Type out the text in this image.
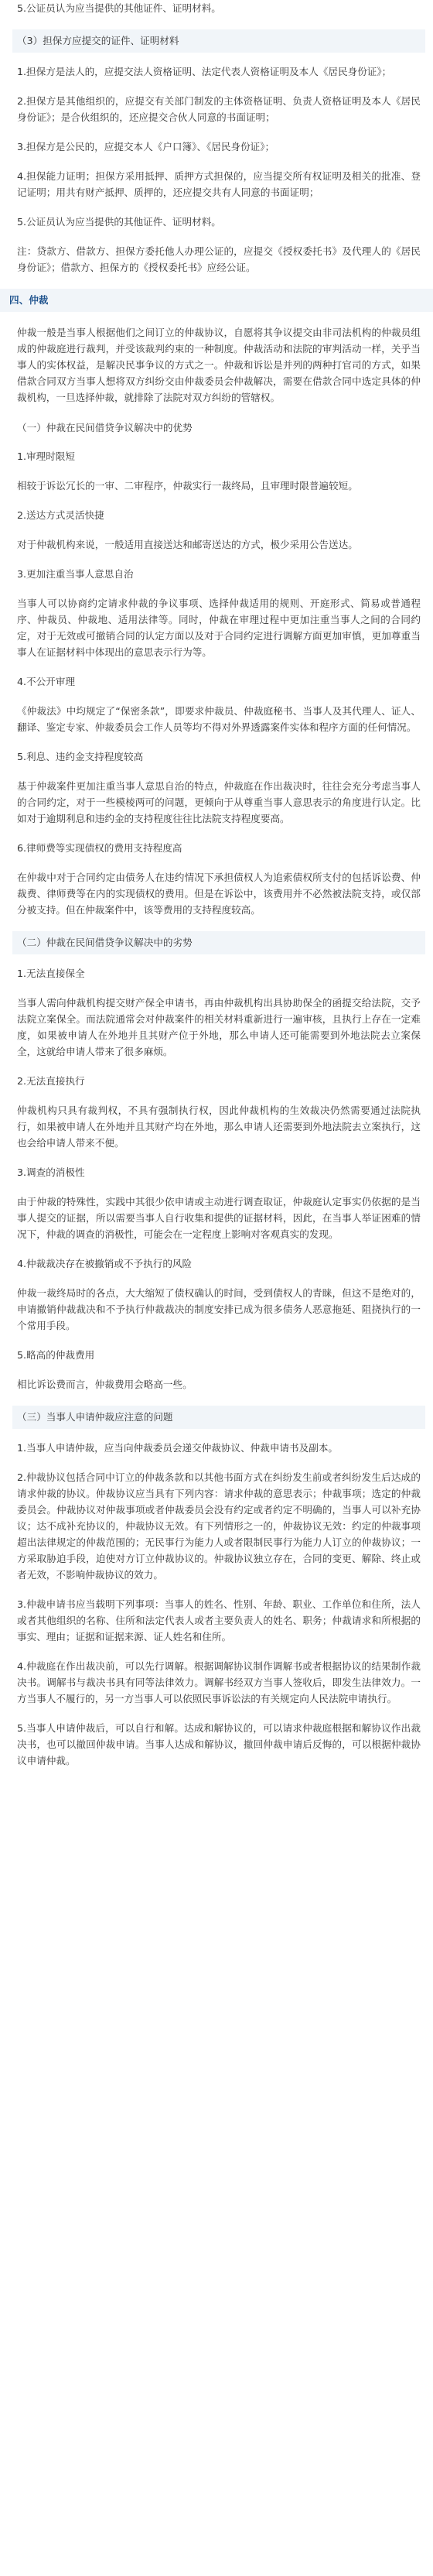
5.公证员认为应当提供的其他证件、证明材料。
（3）担保方应提交的证件、证明材料
1.担保方是法人的，应提交法人资格证明、法定代表人资格证明及本人《居民身份证》；
2.担保方是其他组织的，应提交有关部门制发的主体资格证明、负责人资格证明及本人《居民身份证》；是合伙组织的，还应提交合伙人同意的书面证明；
3.担保方是公民的，应提交本人《户口簿》、《居民身份证》；
4.担保能力证明；担保方采用抵押、质押方式担保的，应当提交所有权证明及相关的批准、登记证明；用共有财产抵押、质押的，还应提交共有人同意的书面证明；
5.公证员认为应当提供的其他证件、证明材料。
注：贷款方、借款方、担保方委托他人办理公证的，应提交《授权委托书》及代理人的《居民身份证》；借款方、担保方的《授权委托书》应经公证。
四、仲裁
仲裁一般是当事人根据他们之间订立的仲裁协议，自愿将其争议提交由非司法机构的仲裁员组成的仲裁庭进行裁判，并受该裁判约束的一种制度。仲裁活动和法院的审判活动一样，关乎当事人的实体权益，是解决民事争议的方式之一。仲裁和诉讼是并列的两种打官司的方式，如果借款合同双方当事人想将双方纠纷交由仲裁委员会仲裁解决，需要在借款合同中选定具体的仲裁机构，一旦选择仲裁，就排除了法院对双方纠纷的管辖权。
（一）仲裁在民间借贷争议解决中的优势
1.审理时限短
相较于诉讼冗长的一审、二审程序，仲裁实行一裁终局，且审理时限普遍较短。
2.送达方式灵活快捷
对于仲裁机构来说，一般适用直接送达和邮寄送达的方式，极少采用公告送达。
3.更加注重当事人意思自治
当事人可以协商约定请求仲裁的争议事项、选择仲裁适用的规则、开庭形式、简易或普通程序、仲裁员、仲裁地、适用法律等。同时，仲裁在审理过程中更加注重当事人之间的合同约定，对于无效或可撤销合同的认定方面以及对于合同约定进行调解方面更加审慎，更加尊重当事人在证据材料中体现出的意思表示行为等。
4.不公开审理
《仲裁法》中均规定了“保密条款”，即要求仲裁员、仲裁庭秘书、当事人及其代理人、证人、翻译、鉴定专家、仲裁委员会工作人员等均不得对外界透露案件实体和程序方面的任何情况。
5.利息、违约金支持程度较高
基于仲裁案件更加注重当事人意思自治的特点，仲裁庭在作出裁决时，往往会充分考虑当事人的合同约定，对于一些模棱两可的问题，更倾向于从尊重当事人意思表示的角度进行认定。比如对于逾期利息和违约金的支持程度往往比法院支持程度要高。
6.律师费等实现债权的费用支持程度高
在仲裁中对于合同约定由债务人在违约情况下承担债权人为追索债权所支付的包括诉讼费、仲裁费、律师费等在内的实现债权的费用。但是在诉讼中，该费用并不必然被法院支持，或仅部分被支持。但在仲裁案件中，该等费用的支持程度较高。
（二）仲裁在民间借贷争议解决中的劣势
1.无法直接保全
当事人需向仲裁机构提交财产保全申请书，再由仲裁机构出具协助保全的函提交给法院，交予法院立案保全。而法院通常会对仲裁案件的相关材料重新进行一遍审核，且执行上存在一定难度，如果被申请人在外地并且其财产位于外地，那么申请人还可能需要到外地法院去立案保全，这就给申请人带来了很多麻烦。
2.无法直接执行
仲裁机构只具有裁判权，不具有强制执行权，因此仲裁机构的生效裁决仍然需要通过法院执行，如果被申请人在外地并且其财产均在外地，那么申请人还需要到外地法院去立案执行，这也会给申请人带来不便。
3.调查的消极性
由于仲裁的特殊性，实践中其很少依申请或主动进行调查取证，仲裁庭认定事实仍依据的是当事人提交的证据，所以需要当事人自行收集和提供的证据材料，因此，在当事人举证困难的情况下，仲裁的调查的消极性，可能会在一定程度上影响对客观真实的发现。
4.仲裁裁决存在被撤销或不予执行的风险
仲裁一裁终局时的各点，大大缩短了债权确认的时间，受到债权人的青睐，但这不是绝对的，申请撤销仲裁裁决和不予执行仲裁裁决的制度安排已成为很多债务人恶意拖延、阻挠执行的一个常用手段。
5.略高的仲裁费用
相比诉讼费而言，仲裁费用会略高一些。
（三）当事人申请仲裁应注意的问题
1.当事人申请仲裁，应当向仲裁委员会递交仲裁协议、仲裁申请书及副本。
2.仲裁协议包括合同中订立的仲裁条款和以其他书面方式在纠纷发生前或者纠纷发生后达成的请求仲裁的协议。仲裁协议应当具有下列内容：请求仲裁的意思表示；仲裁事项；选定的仲裁委员会。仲裁协议对仲裁事项或者仲裁委员会没有约定或者约定不明确的，当事人可以补充协议；达不成补充协议的，仲裁协议无效。有下列情形之一的，仲裁协议无效：约定的仲裁事项超出法律规定的仲裁范围的；无民事行为能力人或者限制民事行为能力人订立的仲裁协议；一方采取胁迫手段，迫使对方订立仲裁协议的。仲裁协议独立存在，合同的变更、解除、终止或者无效，不影响仲裁协议的效力。
3.仲裁申请书应当载明下列事项：当事人的姓名、性别、年龄、职业、工作单位和住所，法人或者其他组织的名称、住所和法定代表人或者主要负责人的姓名、职务；仲裁请求和所根据的事实、理由；证据和证据来源、证人姓名和住所。
4.仲裁庭在作出裁决前，可以先行调解。根据调解协议制作调解书或者根据协议的结果制作裁决书。调解书与裁决书具有同等法律效力。调解书经双方当事人签收后，即发生法律效力。一方当事人不履行的，另一方当事人可以依照民事诉讼法的有关规定向人民法院申请执行。
5.当事人申请仲裁后，可以自行和解。达成和解协议的，可以请求仲裁庭根据和解协议作出裁决书，也可以撤回仲裁申请。当事人达成和解协议，撤回仲裁申请后反悔的，可以根据仲裁协议申请仲裁。
